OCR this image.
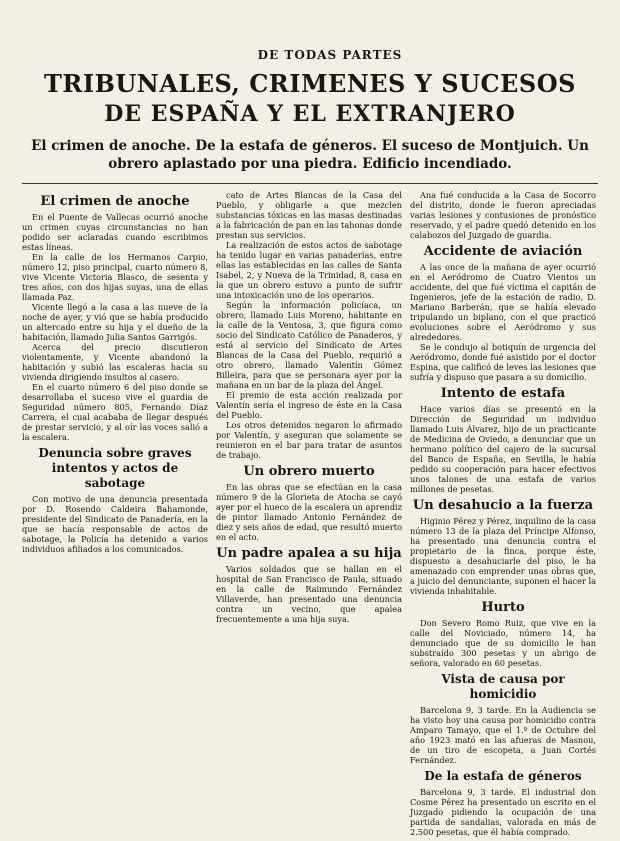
DE TODAS PARTES
TRIBUNALES, CRIMENES Y SUCESOS
DE ESPAÑA Y EL EXTRANJERO
El crimen de anoche. De la estafa de géneros. El suceso de Montjuich. Un obrero aplastado por una piedra. Edificio incendiado.
El crimen de anoche

En el Puente de Vallecas ocurrió anoche un crimen cuyas circunstancias no han podido ser aclaradas cuando escribimos estas líneas.

En la calle de los Hermanos Carpio, número 12, piso principal, cuarto número 8, vive Vicente Victoria Blasco, de sesenta y tres años, con dos hijas suyas, una de ellas llamada Paz.

Vicente llegó a la casa a las nueve de la noche de ayer, y vió que se había producido un altercado entre su hija y el dueño de la habitación, llamado Julia Santos Garrigós.

Acerca del precio discutieron violentamente, y Vicente abandonó la habitación y subió las escaleras hacia su vivienda dirigiendo insultos al casero.

En el cuarto número 6 del piso donde se desarrollaba el suceso vive el guardia de Seguridad número 805, Fernando Díaz Carrera, el cual acababa de llegar después de prestar servicio, y al oír las voces salió a la escalera.

Denuncia sobre graves intentos y actos de sabotage

Con motivo de una denuncia presentada por D. Rosendo Caldeira Bahamonde, presidente del Sindicato de Panadería, en la que se hacía responsable de actos de sabotage, la Policía ha detenido a varios individuos afiliados a los comunicados.

cato de Artes Blancas de la Casa del Pueblo, y obligarle a que mezclen substancias tóxicas en las masas destinadas a la fabricación de pan en las tahonas donde prestan sus servicios.

La realización de estos actos de sabotage ha tenido lugar en varias panaderías, entre ellas las establecidas en las calles de Santa Isabel, 2, y Nueva de la Trinidad, 8, casa en la que un obrero estuvo a punto de sufrir una intoxicación uno de los operarios.

Según la información policíaca, un obrero, llamado Luis Moreno, habitante en la calle de la Ventosa, 3, que figura como socio del Sindicato Católico de Panaderos, y está al servicio del Sindicato de Artes Blancas de la Casa del Pueblo, requirió a otro obrero, llamado Valentín Gómez Billeira, para que se personara ayer por la mañana en un bar de la plaza del Ángel.

El premio de esta acción realizada por Valentín sería el ingreso de éste en la Casa del Pueblo.

Los otros detenidos negaron lo afirmado por Valentín, y aseguran que solamente se reunieron en el bar para tratar de asuntos de trabajo.

Un obrero muerto

En las obras que se efectúan en la casa número 9 de la Glorieta de Atocha se cayó ayer por el hueco de la escalera un aprendiz de pintor llamado Antonio Fernández de diez y seis años de edad, que resultó muerto en el acto.

Un padre apalea a su hija

Varios soldados que se hallan en el hospital de San Francisco de Paula, situado en la calle de Raimundo Fernández Villaverde, han presentado una denuncia contra un vecino, que apalea frecuentemente a una hija suya.

Ana fué conducida a la Casa de Socorro del distrito, donde le fueron apreciadas varias lesiones y contusiones de pronóstico reservado, y el padre quedó detenido en los calabozos del Juzgado de guardia.

Accidente de aviación

A las once de la mañana de ayer ocurrió en el Aeródromo de Cuatro Vientos un accidente, del que fué víctima el capitán de Ingenieros, jefe de la estación de radio, D. Mariano Barberán, que se había elevado tripulando un biplano, con el que practicó evoluciones sobre el Aeródromo y sus alrededores.

Se le condujo al botiquín de urgencia del Aeródromo, donde fué asistido por el doctor Espina, que calificó de leves las lesiones que sufría y dispuso que pasara a su domicilio.

Intento de estafa

Hace varios días se presentó en la Dirección de Seguridad un individuo llamado Luis Álvarez, hijo de un practicante de Medicina de Oviedo, a denunciar que un hermano político del cajero de la sucursal del Banco de España, en Sevilla, le había pedido su cooperación para hacer efectivos unos talones de una estafa de varios millones de pesetas.

Un desahucio a la fuerza

Higinio Pérez y Pérez, inquilino de la casa número 13 de la plaza del Príncipe Alfonso, ha presentado una denuncia contra el propietario de la finca, porque éste, dispuesto a desahuciarle del piso, le ha amenazado con emprender unas obras que, a juicio del denunciante, suponen el hacer la vivienda inhabitable.

Hurto

Don Severo Romo Ruiz, que vive en la calle del Noviciado, número 14, ha denunciado que de su domicilio le han substraído 300 pesetas y un abrigo de señora, valorado en 60 pesetas.

Vista de causa por homicidio

Barcelona 9, 3 tarde. En la Audiencia se ha visto hoy una causa por homicidio contra Amparo Tamayo, que el 1.º de Octubre del año 1923 mató en las afueras de Masnou, de un tiro de escopeta, a Juan Cortés Fernández.

De la estafa de géneros

Barcelona 9, 3 tarde. El industrial don Cosme Pérez ha presentado un escrito en el Juzgado pidiendo la ocupación de una partida de sandalias, valorada en más de 2.500 pesetas, que él había comprado.
